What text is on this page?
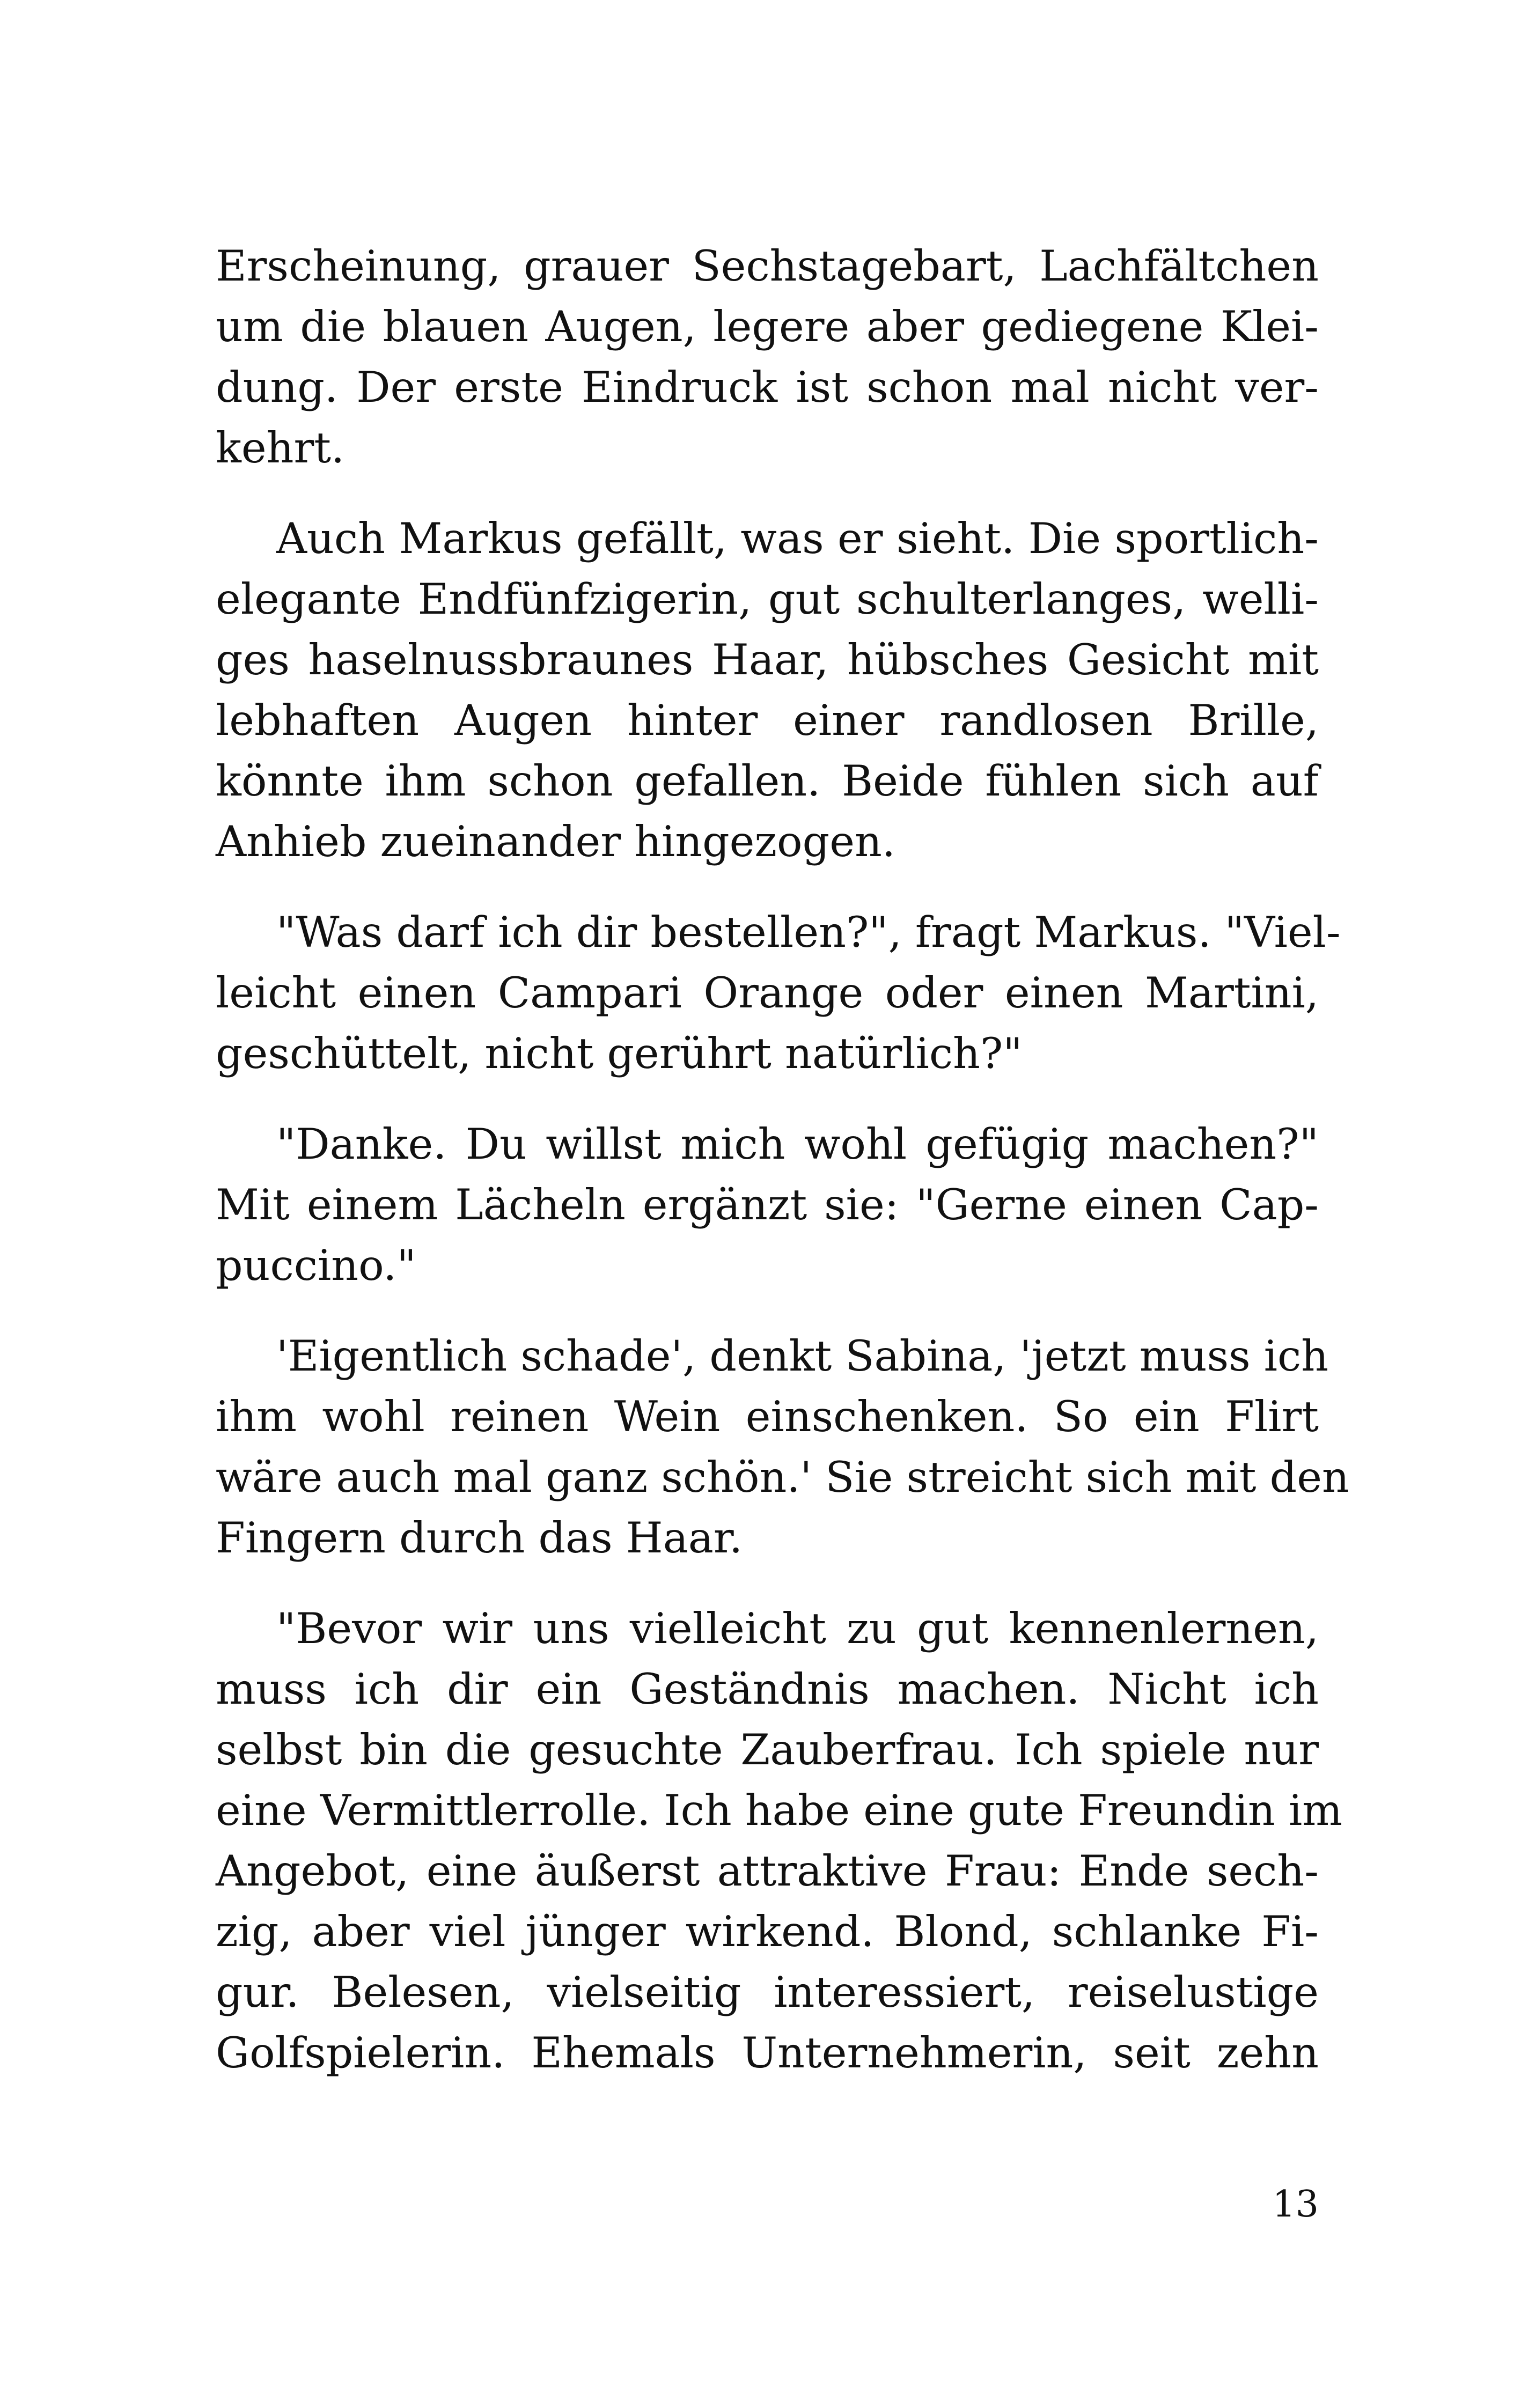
Erscheinung, grauer Sechstagebart, Lachfältchen
um die blauen Augen, legere aber gediegene Klei-
dung. Der erste Eindruck ist schon mal nicht ver-
kehrt.

Auch Markus gefällt, was er sieht. Die sportlich-
elegante Endfünfzigerin, gut schulterlanges, welli-
ges haselnussbraunes Haar, hübsches Gesicht mit
lebhaften Augen hinter einer randlosen Brille,
könnte ihm schon gefallen. Beide fühlen sich auf
Anhieb zueinander hingezogen.

"Was darf ich dir bestellen?", fragt Markus. "Viel-
leicht einen Campari Orange oder einen Martini,
geschüttelt, nicht gerührt natürlich?"

"Danke. Du willst mich wohl gefügig machen?"
Mit einem Lächeln ergänzt sie: "Gerne einen Cap-
puccino."

'Eigentlich schade', denkt Sabina, 'jetzt muss ich
ihm wohl reinen Wein einschenken. So ein Flirt
wäre auch mal ganz schön.' Sie streicht sich mit den
Fingern durch das Haar.

"Bevor wir uns vielleicht zu gut kennenlernen,
muss ich dir ein Geständnis machen. Nicht ich
selbst bin die gesuchte Zauberfrau. Ich spiele nur
eine Vermittlerrolle. Ich habe eine gute Freundin im
Angebot, eine äußerst attraktive Frau: Ende sech-
zig, aber viel jünger wirkend. Blond, schlanke Fi-
gur. Belesen, vielseitig interessiert, reiselustige
Golfspielerin. Ehemals Unternehmerin, seit zehn

13
